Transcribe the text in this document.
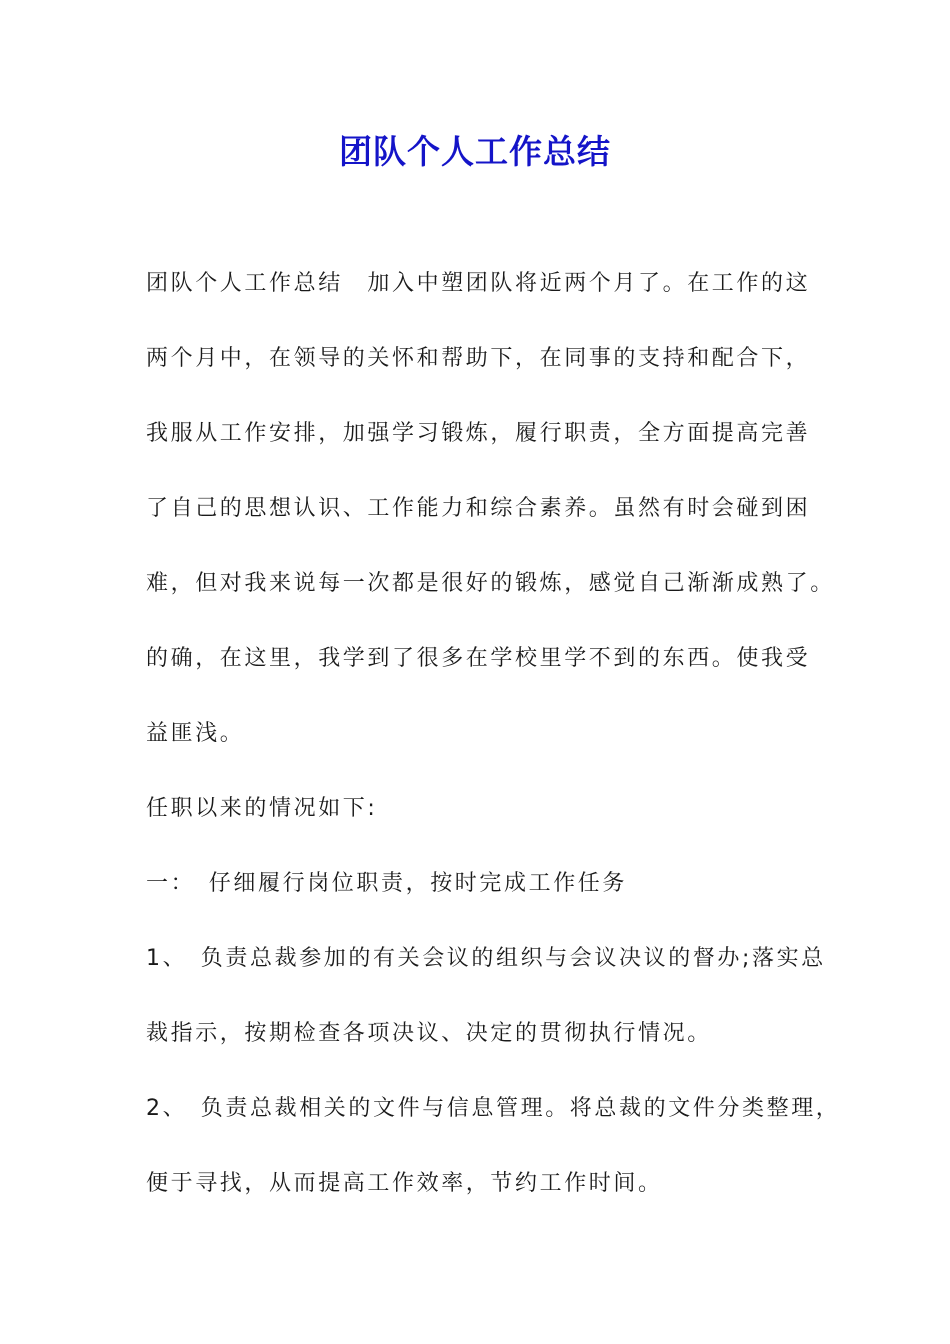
团队个人工作总结

团队个人工作总结　加入中塑团队将近两个月了。在工作的这

两个月中，在领导的关怀和帮助下，在同事的支持和配合下，

我服从工作安排，加强学习锻炼，履行职责，全方面提高完善

了自己的思想认识、工作能力和综合素养。虽然有时会碰到困

难，但对我来说每一次都是很好的锻炼，感觉自己渐渐成熟了。

的确，在这里，我学到了很多在学校里学不到的东西。使我受

益匪浅。

任职以来的情况如下:

一：　仔细履行岗位职责，按时完成工作任务

1、　负责总裁参加的有关会议的组织与会议决议的督办;落实总

裁指示，按期检查各项决议、决定的贯彻执行情况。

2、　负责总裁相关的文件与信息管理。将总裁的文件分类整理，

便于寻找，从而提高工作效率，节约工作时间。
